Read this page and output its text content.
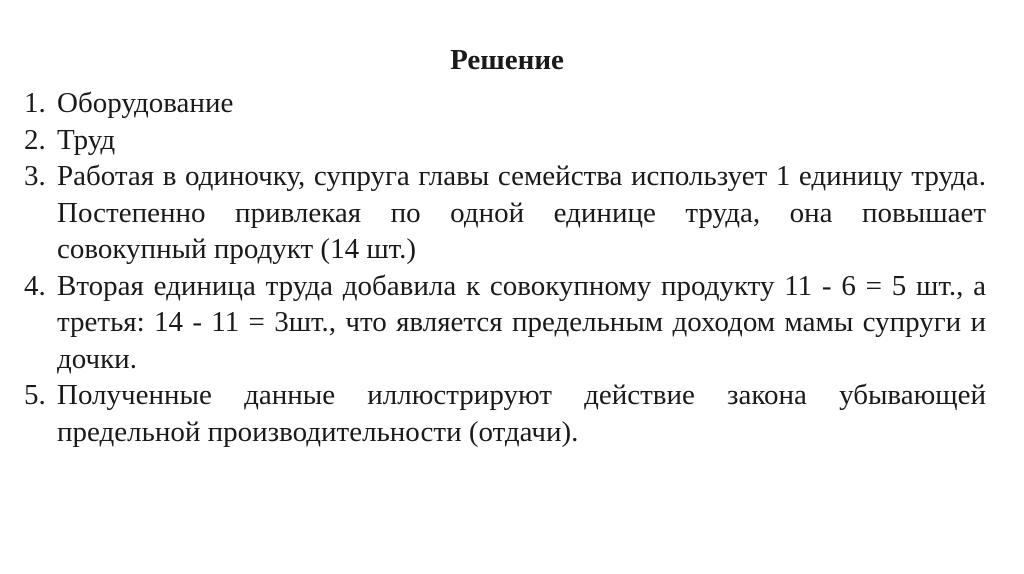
Решение
1. Оборудование
2. Труд
3. Работая в одиночку, супруга главы семейства использует 1 единицу труда. Постепенно привлекая по одной единице труда, она повышает совокупный продукт (14 шт.)
4. Вторая единица труда добавила к совокупному продукту 11 - 6 = 5 шт., а третья: 14 - 11 = 3шт., что является предельным доходом мамы супруги и дочки.
5. Полученные данные иллюстрируют действие закона убывающей предельной производительности (отдачи).
